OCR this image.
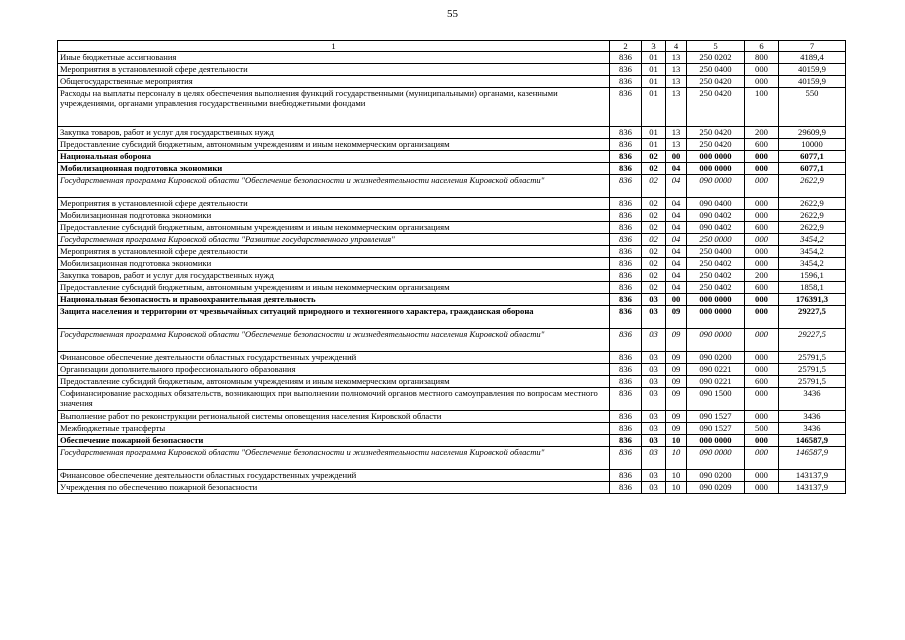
55
1	2	3	4	5	6	7
Иные бюджетные ассигнования	836	01	13	250 0202	800	4189,4
Мероприятия в установленной сфере деятельности	836	01	13	250 0400	000	40159,9
Общегосударственные мероприятия	836	01	13	250 0420	000	40159,9
Расходы на выплаты персоналу в целях обеспечения выполнения функций государственными (муниципальными) органами, казенными учреждениями, органами управления государственными внебюджетными фондами	836	01	13	250 0420	100	550
Закупка товаров, работ и услуг для государственных нужд	836	01	13	250 0420	200	29609,9
Предоставление субсидий бюджетным, автономным учреждениям и иным некоммерческим организациям	836	01	13	250 0420	600	10000
Национальная оборона	836	02	00	000 0000	000	6077,1
Мобилизационная подготовка экономики	836	02	04	000 0000	000	6077,1
Государственная программа Кировской области "Обеспечение безопасности и жизнедеятельности населения Кировской области"	836	02	04	090 0000	000	2622,9
Мероприятия в установленной сфере деятельности	836	02	04	090 0400	000	2622,9
Мобилизационная подготовка экономики	836	02	04	090 0402	000	2622,9
Предоставление субсидий бюджетным, автономным учреждениям и иным некоммерческим организациям	836	02	04	090 0402	600	2622,9
Государственная программа Кировской области "Развитие государственного управления"	836	02	04	250 0000	000	3454,2
Мероприятия в установленной сфере деятельности	836	02	04	250 0400	000	3454,2
Мобилизационная подготовка экономики	836	02	04	250 0402	000	3454,2
Закупка товаров, работ и услуг для государственных нужд	836	02	04	250 0402	200	1596,1
Предоставление субсидий бюджетным, автономным учреждениям и иным некоммерческим организациям	836	02	04	250 0402	600	1858,1
Национальная безопасность и правоохранительная деятельность	836	03	00	000 0000	000	176391,3
Защита населения и территории от чрезвычайных ситуаций природного и техногенного характера, гражданская оборона	836	03	09	000 0000	000	29227,5
Государственная программа Кировской области "Обеспечение безопасности и жизнедеятельности населения Кировской области"	836	03	09	090 0000	000	29227,5
Финансовое обеспечение деятельности областных государственных учреждений	836	03	09	090 0200	000	25791,5
Организации дополнительного профессионального образования	836	03	09	090 0221	000	25791,5
Предоставление субсидий бюджетным, автономным учреждениям и иным некоммерческим организациям	836	03	09	090 0221	600	25791,5
Софинансирование расходных обязательств, возникающих при выполнении полномочий органов местного самоуправления по вопросам местного значения	836	03	09	090 1500	000	3436
Выполнение работ по реконструкции региональной системы оповещения населения Кировской области	836	03	09	090 1527	000	3436
Межбюджетные трансферты	836	03	09	090 1527	500	3436
Обеспечение пожарной безопасности	836	03	10	000 0000	000	146587,9
Государственная программа Кировской области "Обеспечение безопасности и жизнедеятельности населения Кировской области"	836	03	10	090 0000	000	146587,9
Финансовое обеспечение деятельности областных государственных учреждений	836	03	10	090 0200	000	143137,9
Учреждения по обеспечению пожарной безопасности	836	03	10	090 0209	000	143137,9
